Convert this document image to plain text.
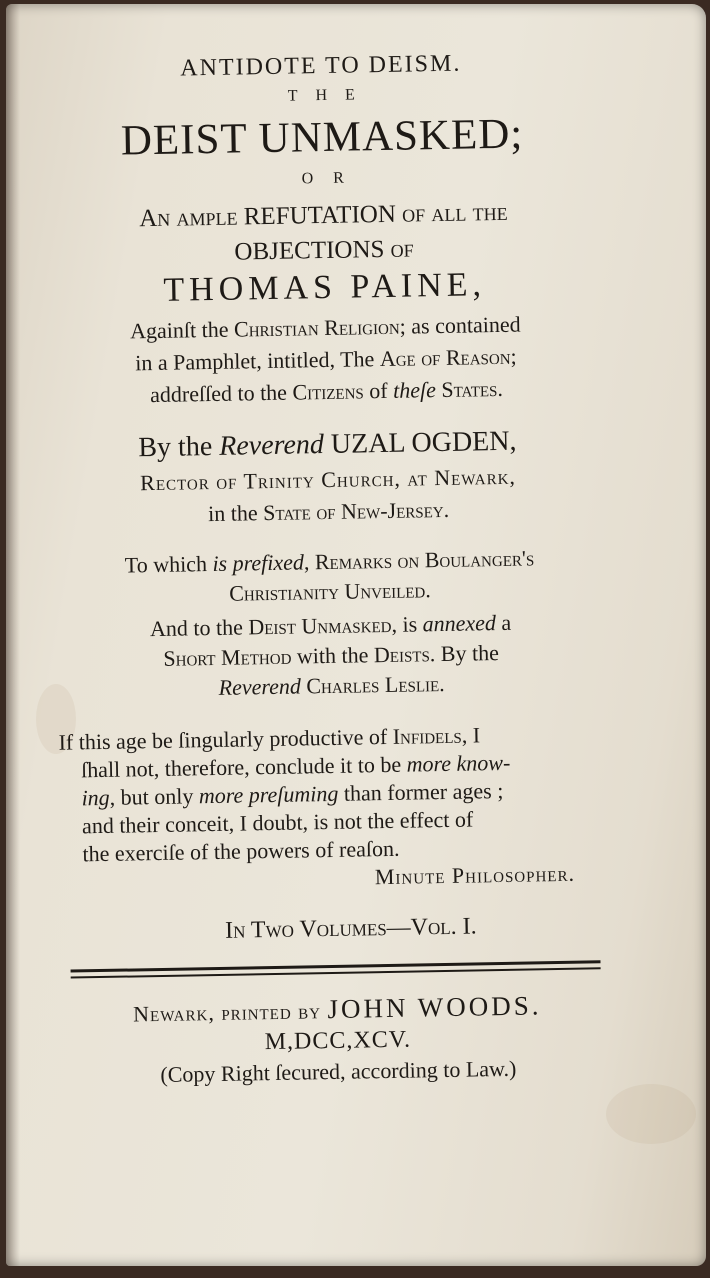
ANTIDOTE TO DEISM.
THE
DEIST UNMASKED;
OR
An ample REFUTATION of all the
OBJECTIONS of
THOMAS PAINE,
Againſt the Christian Religion; as contained
in a Pamphlet, intitled, The Age of Reason;
addreſſed to the Citizens of theſe States.
By the Reverend UZAL OGDEN,
Rector of Trinity Church, at Newark,
in the State of New-Jersey.
To which is prefixed, Remarks on Boulanger's
Christianity Unveiled.
And to the Deist Unmasked, is annexed a
Short Method with the Deists. By the
Reverend Charles Leslie.
If this age be ſingularly productive of Infidels, I
ſhall not, therefore, conclude it to be more know-
ing, but only more preſuming than former ages ;
and their conceit, I doubt, is not the effect of
the exerciſe of the powers of reaſon.
Minute Philosopher.
In Two Volumes—Vol. I.
Newark, printed by JOHN WOODS.
M,DCC,XCV.
(Copy Right ſecured, according to Law.)
